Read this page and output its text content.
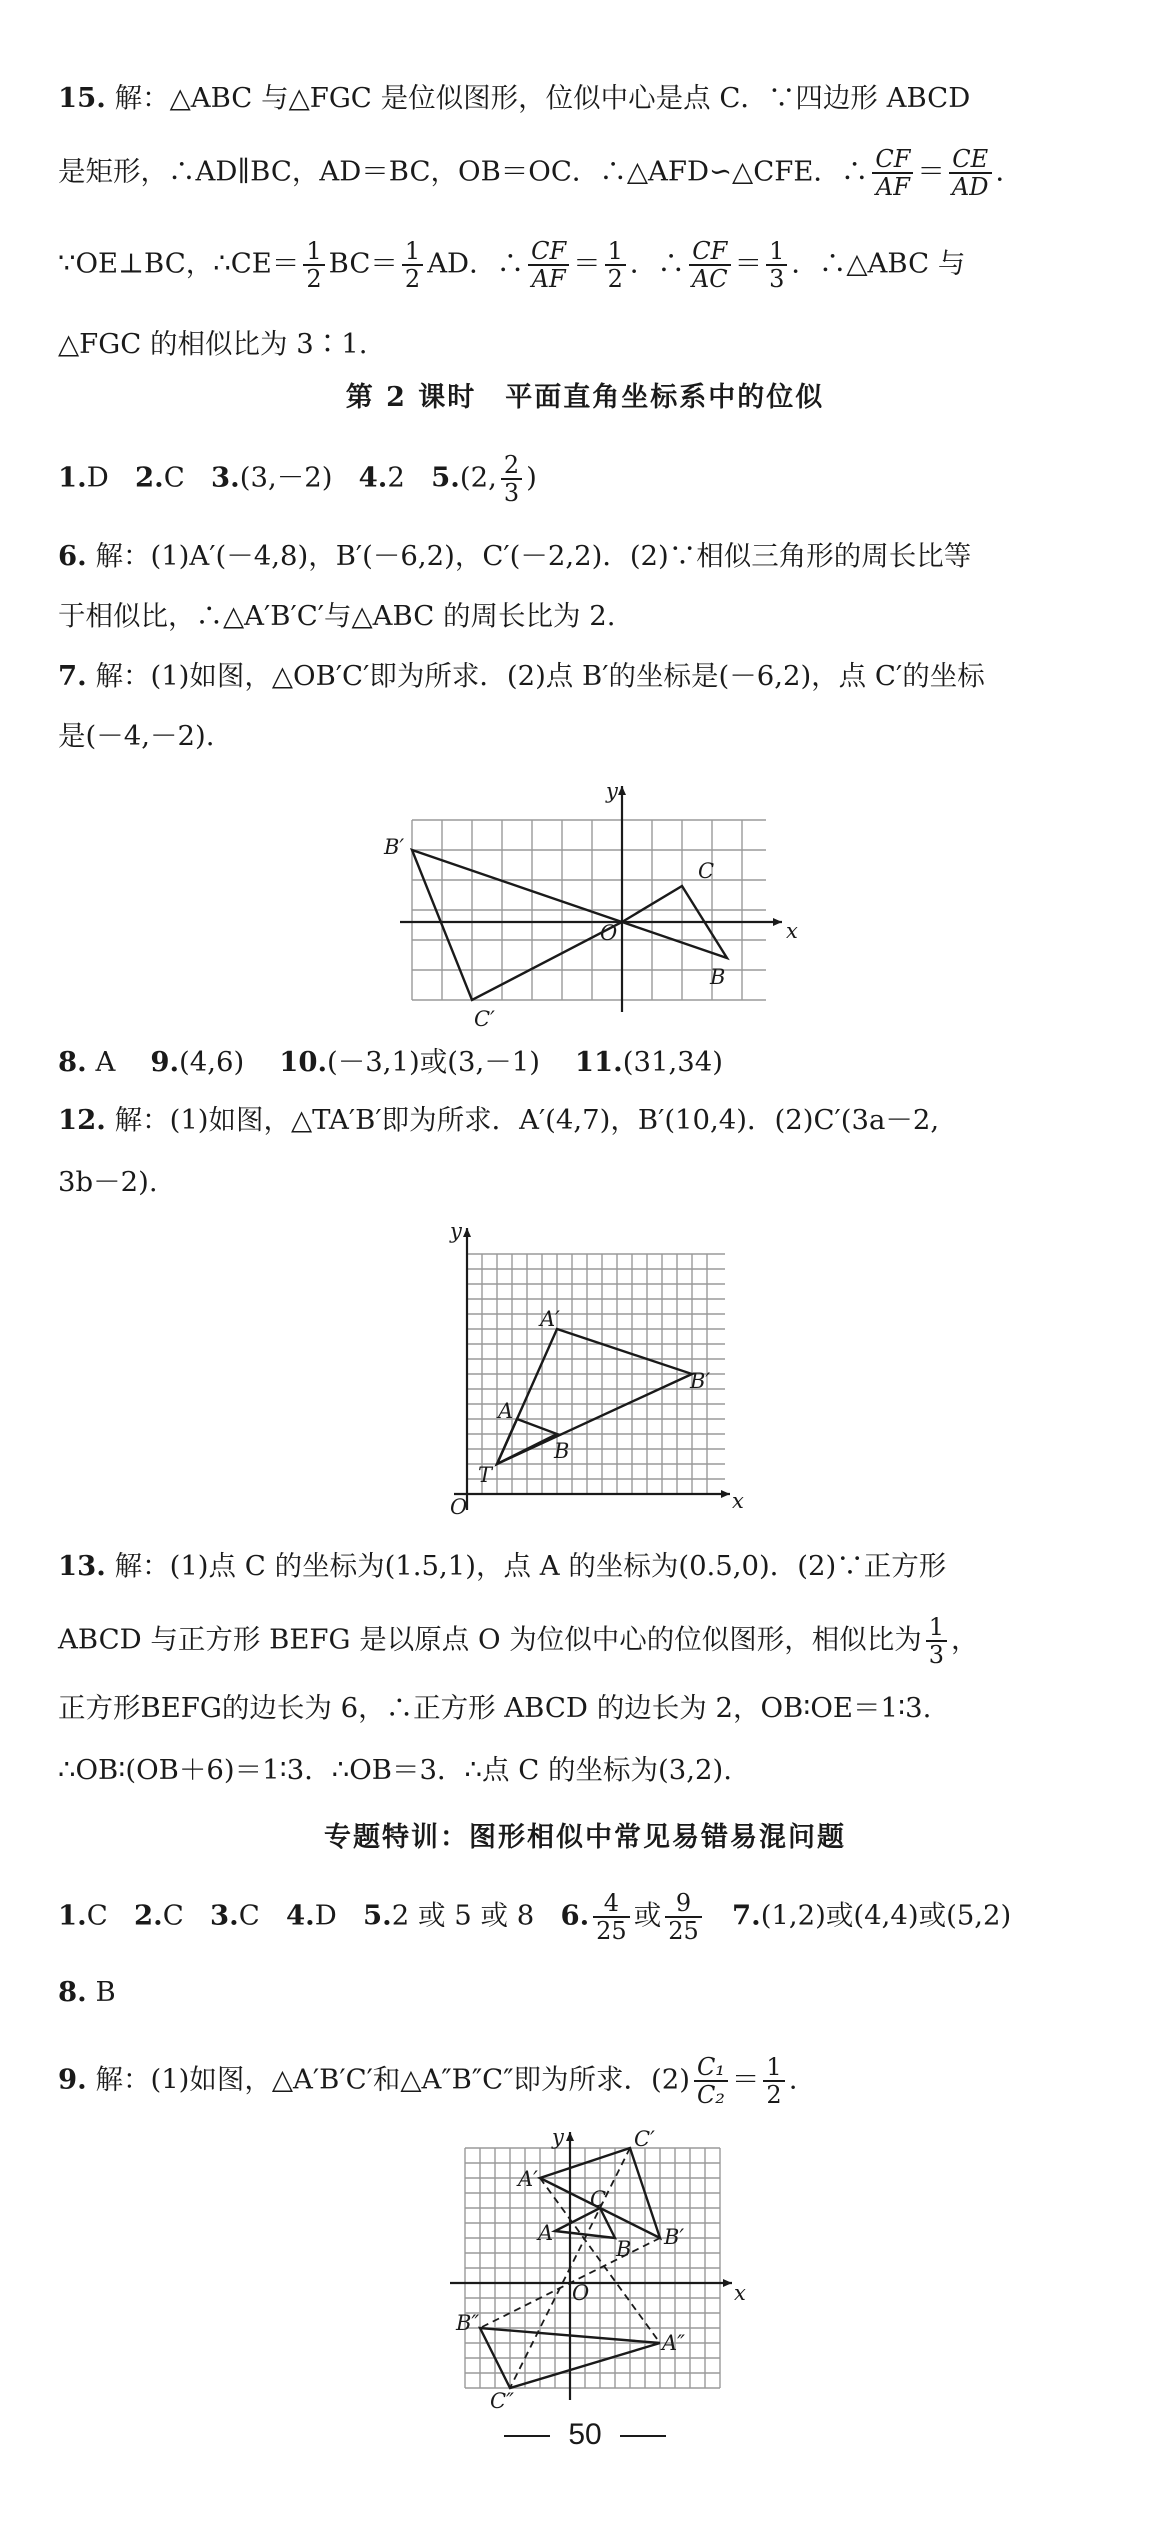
15. 解：△ABC 与△FGC 是位似图形，位似中心是点 C．∵四边形 ABCD
是矩形，∴AD∥BC，AD＝BC，OB＝OC．∴△AFD∽△CFE．∴ $\frac{CF}{AF} = \frac{CE}{AD}$ ．
∵OE⊥BC，∴CE＝ $\frac{1}{2} BC= \frac{1}{2}$ AD．∴ $\frac{CF}{AF} = \frac{1}{2}$ ．∴ $\frac{CF}{AC} = \frac{1}{3}$ ．∴△ABC 与
△FGC 的相似比为 3∶1.
第 2 课时　平面直角坐标系中的位似
1.D 2.C 3.(3,－2) 4.2 5.(2, $\frac{2}{3}$ )
6. 解：(1)A′(－4,8)，B′(－6,2)，C′(－2,2)．(2)∵相似三角形的周长比等
于相似比，∴△A′B′C′与△ABC 的周长比为 2.
7. 解：(1)如图，△OB′C′即为所求．(2)点 B′的坐标是(－6,2)，点 C′的坐标
是(－4,－2).
x
y
O
B′
C′
C
B
8. A 9.(4,6) 10.(－3,1)或(3,－1) 11.(31,34)
12. 解：(1)如图，△TA′B′即为所求．A′(4,7)，B′(10,4)．(2)C′(3a－2,
3b－2).
x
y
O
T
A
B
A′
B′
13. 解：(1)点 C 的坐标为(1.5,1)，点 A 的坐标为(0.5,0)．(2)∵正方形
ABCD 与正方形 BEFG 是以原点 O 为位似中心的位似图形，相似比为 $\frac{1}{3}$ ，
正方形BEFG的边长为 6，∴正方形 ABCD 的边长为 2，OB∶OE＝1∶3.
∴OB∶(OB＋6)＝1∶3．∴OB＝3．∴点 C 的坐标为(3,2).
专题特训：图形相似中常见易错易混问题
1.C 2.C 3.C 4.D 5.2 或 5 或 8 6. $\frac{4}{25}$ 或 $\frac{9}{25} 7.(1,2)$或(4,4)或(5,2)
8. B
9. 解：(1)如图，△A′B′C′和△A″B″C″即为所求．$(2) \frac{\text{C₁}}{\text{C₂}} = \frac{1}{2}$ .
x
y
O
A
B
C
A′
B′
C′
A″
B″
C″
50
